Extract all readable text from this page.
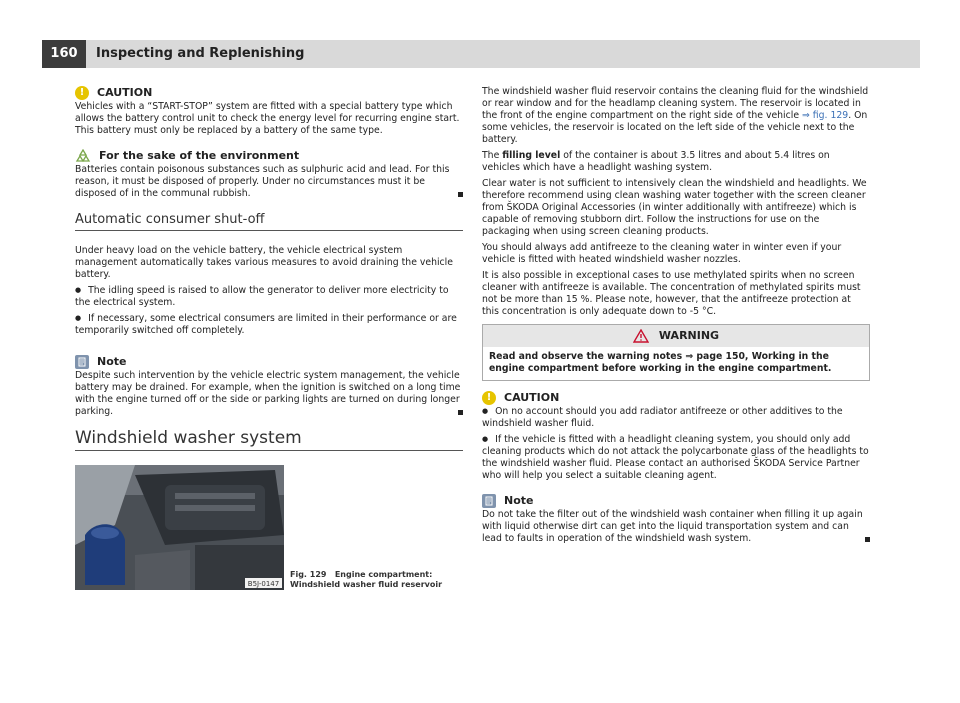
160	Inspecting and Replenishing
!	CAUTION

Vehicles with a “START-STOP” system are fitted with a special battery type which allows the battery control unit to check the energy level for recurring engine start. This battery must only be replaced by a battery of the same type.

For the sake of the environment

Batteries contain poisonous substances such as sulphuric acid and lead. For this reason, it must be disposed of properly. Under no circumstances must it be disposed of in the communal rubbish.

Automatic consumer shut-off

Under heavy load on the vehicle battery, the vehicle electrical system management automatically takes various measures to avoid draining the vehicle battery.

● The idling speed is raised to allow the generator to deliver more electricity to the electrical system.

● If necessary, some electrical consumers are limited in their performance or are temporarily switched off completely.

Note

Despite such intervention by the vehicle electric system management, the vehicle battery may be drained. For example, when the ignition is switched on a long time with the engine turned off or the side or parking lights are turned on during longer parking.

Windshield washer system
B5J-0147
Fig. 129 Engine compartment: Windshield washer fluid reservoir

The windshield washer fluid reservoir contains the cleaning fluid for the windshield or rear window and for the headlamp cleaning system. The reservoir is located in the front of the engine compartment on the right side of the vehicle ⇒ fig. 129. On some vehicles, the reservoir is located on the left side of the vehicle next to the battery.

The filling level of the container is about 3.5 litres and about 5.4 litres on vehicles which have a headlight washing system.

Clear water is not sufficient to intensively clean the windshield and headlights. We therefore recommend using clean washing water together with the screen cleaner from ŠKODA Original Accessories (in winter additionally with antifreeze) which is capable of removing stubborn dirt. Follow the instructions for use on the packaging when using screen cleaning products.

You should always add antifreeze to the cleaning water in winter even if your vehicle is fitted with heated windshield washer nozzles.

It is also possible in exceptional cases to use methylated spirits when no screen cleaner with antifreeze is available. The concentration of methylated spirits must not be more than 15 %. Please note, however, that the antifreeze protection at this concentration is only adequate down to -5 °C.

WARNING
Read and observe the warning notes ⇒ page 150, Working in the engine compartment before working in the engine compartment.
!	CAUTION

● On no account should you add radiator antifreeze or other additives to the windshield washer fluid.

● If the vehicle is fitted with a headlight cleaning system, you should only add cleaning products which do not attack the polycarbonate glass of the headlights to the windshield washer fluid. Please contact an authorised ŠKODA Service Partner who will help you select a suitable cleaning agent.

Note

Do not take the filter out of the windshield wash container when filling it up again with liquid otherwise dirt can get into the liquid transportation system and can lead to faults in operation of the windshield wash system.
